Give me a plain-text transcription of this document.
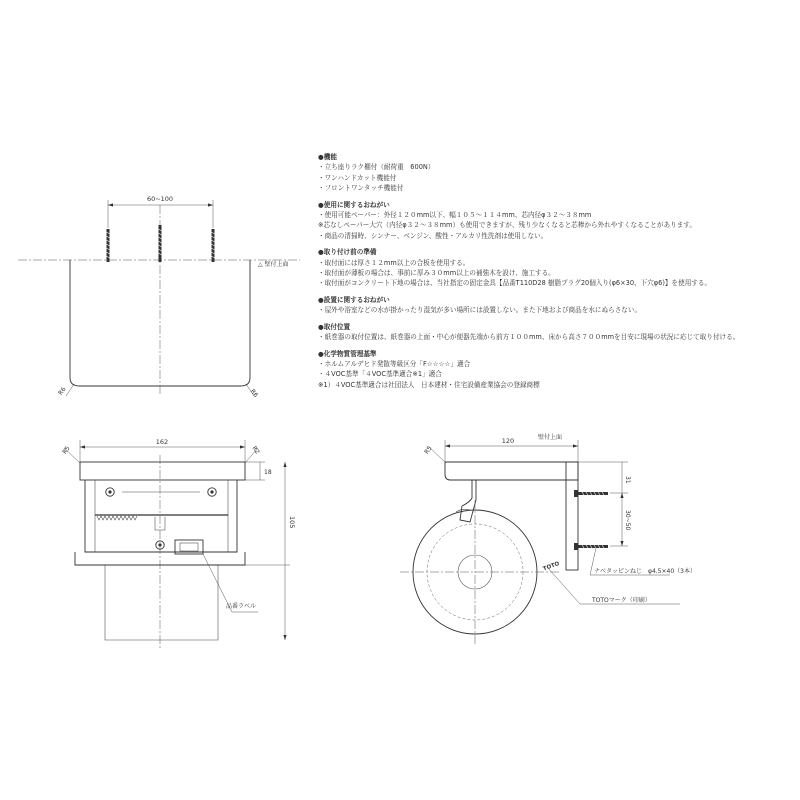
60~100
△ 壁付上面
R6	R6
162
R5	R2
18
105
品番ラベル
120	壁付上面
R5
TOTO
31
30~50
ナベタッピンねじ　φ4.5×40（3本）
TOTOマーク（印刷）
●機能
・立ち座りラク棚付（耐荷重　600N）
・ワンハンドカット機能付
・フロントワンタッチ機能付
●使用に関するおねがい
・使用可能ペーパー：外径１２０mm以下、幅１０５～１１４mm、芯内径φ３２～３８mm
※芯なしペーパー大穴（内径φ３２～３８mm）も使用できますが、残り少なくなると芯棒から外れやすくなることがあります。
・商品の清掃時、シンナー、ベンジン、酸性・アルカリ性洗剤は使用しない。
●取り付け前の準備
・取付面には厚さ１２mm以上の合板を使用する。
・取付面が薄板の場合は、事前に厚み３０mm以上の補強木を設け、施工する。
・取付面がコンクリート下地の場合は、当社指定の固定金具【品番T110D28 樹脂プラグ20個入り(φ6×30、下穴φ6)】を使用する。
●設置に関するおねがい
・屋外や浴室などの水が掛かったり湿気が多い場所には設置しない。また下地および商品を水にぬらさない。
●取付位置
・紙巻器の取付位置は、紙巻器の上面・中心が便器先端から前方１００mm、床から高さ７００mmを目安に現場の状況に応じて取り付ける。
●化学物質管理基準
・ホルムアルデヒド発散等級区分「F☆☆☆☆」適合
・４VOC基準「４VOC基準適合※1」適合
※1）４VOC基準適合は社団法人　日本建材・住宅設備産業協会の登録商標
